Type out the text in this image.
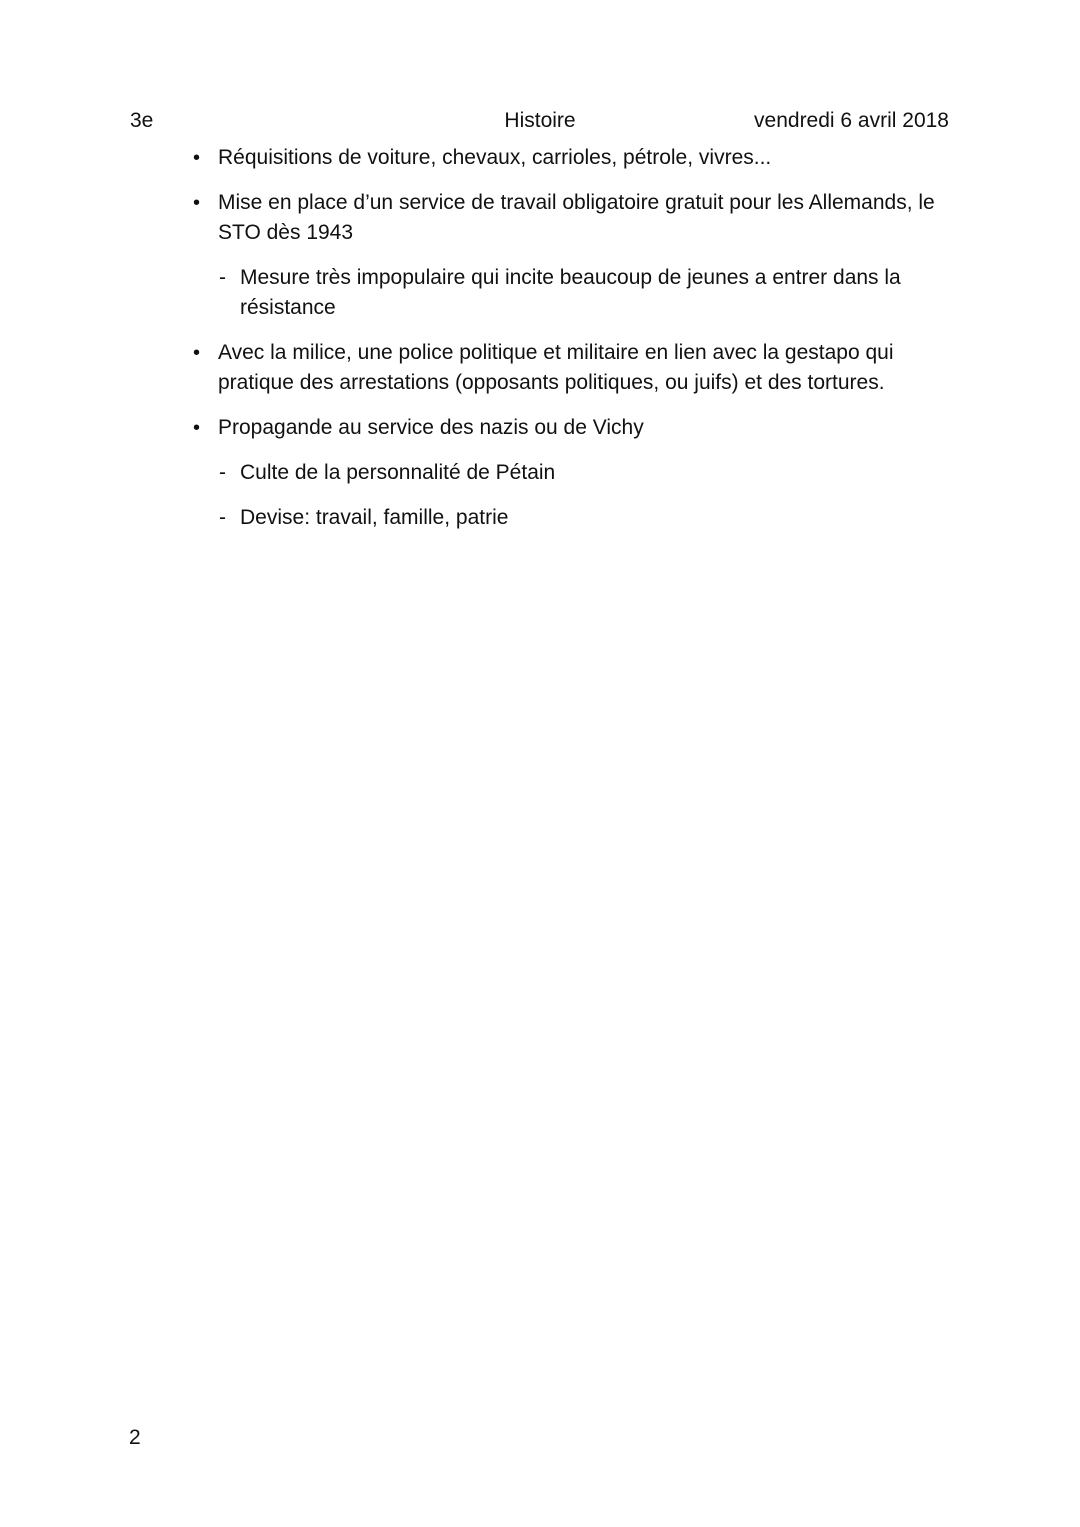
3e	Histoire	vendredi 6 avril 2018
• Réquisitions de voiture, chevaux, carrioles, pétrole, vivres...
• Mise en place d’un service de travail obligatoire gratuit pour les Allemands, le STO dès 1943
- Mesure très impopulaire qui incite beaucoup de jeunes a entrer dans la résistance
• Avec la milice, une police politique et militaire en lien avec la gestapo qui pratique des arrestations (opposants politiques, ou juifs) et des tortures.
• Propagande au service des nazis ou de Vichy
- Culte de la personnalité de Pétain
- Devise: travail, famille, patrie
2
